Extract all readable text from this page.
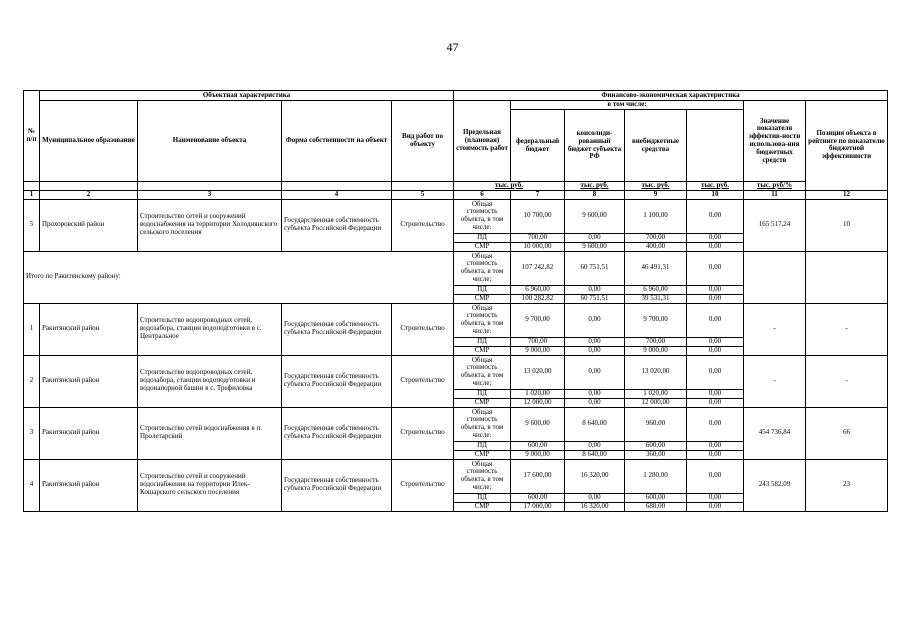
47
№ п/п	Объектная характеристика				Финансово-экономическая характеристика						
	Муниципальное образование	Наименование объекта	Форма собственности на объект	Вид работ по объекту	Предельная (плановая) стоимость работ	в том числе:				Значение показателя эффектив-ности использова-ния бюджетных средств	Позиция объекта в рейтинге по показателю бюджетной эффективности
						федеральный бюджет	консолиди-рованный бюджет субъекта РФ	внебюджетные средства			
					тыс. руб.		тыс. руб.	тыс. руб.	тыс. руб.	тыс. руб/%	
1	2	3	4	5	6	7	8	9	10	11	12
5	Прохоровский район	Строительство сетей и сооружений водоснабжения на территории Холоднянского сельского поселения	Государственная собственность субъекта Российской Федерации	Строительство	Общая стоимость объекта, в том числе:	10 700,00	9 600,00	1 100,00	0,00	165 517,24	10
					ПД	700,00	0,00	700,00	0,00		
					СМР	10 000,00	9 600,00	400,00	0,00		
Итого по Ракитянскому району:					Общая стоимость объекта, в том числе:	107 242,82	60 751,51	46 491,31	0,00		
					ПД	6 960,00	0,00	6 960,00	0,00		
					СМР	100 282,82	60 751,51	39 531,31	0,00		
1	Ракитянский район	Строительство водопроводных сетей, водозабора, станции водоподготовки в с. Центральное	Государственная собственность субъекта Российской Федерации	Строительство	Общая стоимость объекта, в том числе:	9 700,00	0,00	9 700,00	0,00	-	-
					ПД	700,00	0,00	700,00	0,00		
					СМР	9 000,00	0,00	9 000,00	0,00		
2	Ракитянский район	Строительство водопроводных сетей, водозабора, станции водоподготовки и водонапорной башни в с. Трефиловка	Государственная собственность субъекта Российской Федерации	Строительство	Общая стоимость объекта, в том числе:	13 020,00	0,00	13 020,00	0,00	-	-
					ПД	1 020,00	0,00	1 020,00	0,00		
					СМР	12 000,00	0,00	12 000,00	0,00		
3	Ракитянский район	Строительство сетей водоснабжения в п. Пролетарский	Государственная собственность субъекта Российской Федерации	Строительство	Общая стоимость объекта, в том числе:	9 600,00	8 640,00	960,00	0,00	454 736,84	66
					ПД	600,00	0,00	600,00	0,00		
					СМР	9 000,00	8 640,00	360,00	0,00		
4	Ракитянский район	Строительство сетей и сооружений водоснабжения на территории Илек-Кошарского сельского поселения	Государственная собственность субъекта Российской Федерации	Строительство	Общая стоимость объекта, в том числе:	17 600,00	16 320,00	1 280,00	0,00	243 582,09	23
					ПД	600,00	0,00	600,00	0,00		
					СМР	17 000,00	16 320,00	680,00	0,00		
